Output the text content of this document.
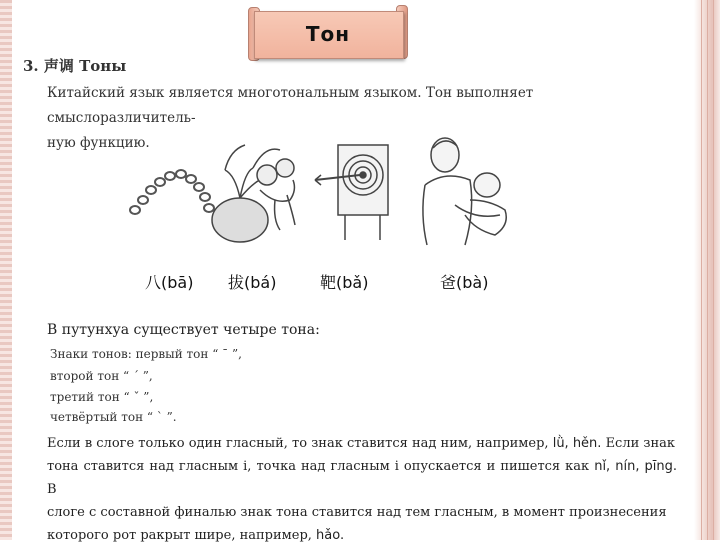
Тон
3. 声调 Тоны
Китайский язык является многотональным языком. Тон выполняет смыслоразличитель-
ную функцию.
八(bā) 拔(bá)	靶(bǎ)	爸(bà)
В путунхуа существует четыре тона:
Знаки тонов: первый тон “ ˉ ”,
второй тон “ ˊ ”,
третий тон “ ˇ ”,
четвёртый тон “ ˋ ”.
Если в слоге только один гласный, то знак ставится над ним, например, lǜ, hěn. Если знак
тона ставится над гласным i, точка над гласным i опускается и пишется как nǐ, nín, pīng. В
слоге с составной финалью знак тона ставится над тем гласным, в момент произнесения
которого рот ракрыт шире, например, hǎo.
